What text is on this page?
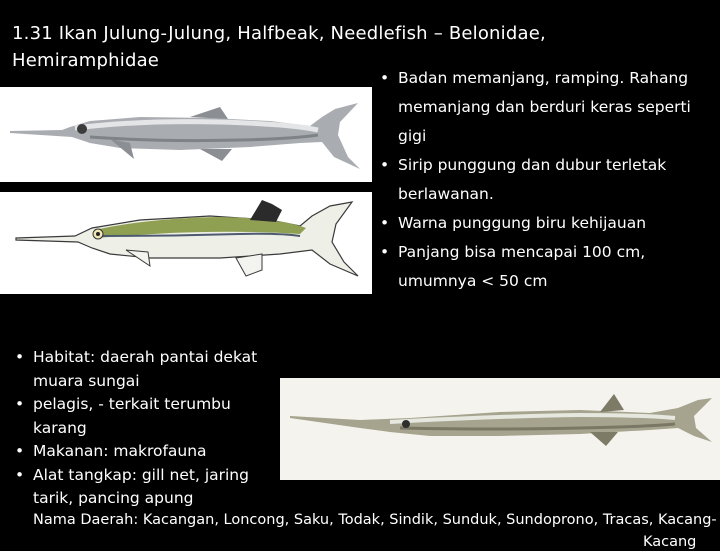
1.31 Ikan Julung-Julung, Halfbeak, Needlefish – Belonidae, Hemiramphidae
• Badan memanjang, ramping. Rahang memanjang dan berduri keras seperti gigi
• Sirip punggung dan dubur terletak berlawanan.
• Warna punggung biru kehijauan
• Panjang bisa mencapai 100 cm, umumnya < 50 cm
• Habitat: daerah pantai dekat muara sungai
• pelagis, - terkait terumbu karang
• Makanan: makrofauna
• Alat tangkap: gill net, jaring tarik, pancing apung
Nama Daerah: Kacangan, Loncong, Saku, Todak, Sindik, Sunduk, Sundoprono, Tracas, Kacang-
Kacang
